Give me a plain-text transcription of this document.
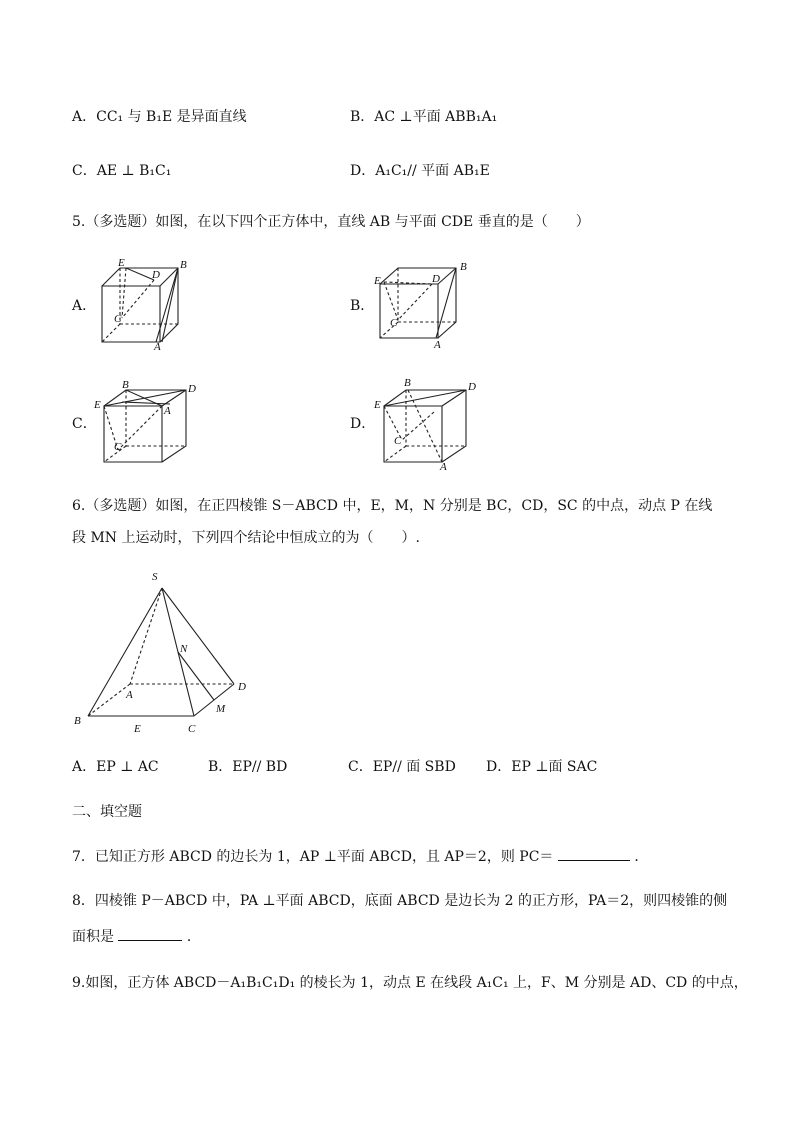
A．CC₁ 与 B₁E 是异面直线	B．AC ⊥平面 ABB₁A₁
C．AE ⊥ B₁C₁	D．A₁C₁// 平面 AB₁E
5.（多选题）如图，在以下四个正方体中，直线 AB 与平面 CDE 垂直的是（　　）
A．
E
D
B
C
A
B．
E	D
B
C
A
C．
B	D
E	A
C
D．
B	D
E
C
A
6.（多选题）如图，在正四棱锥 S－ABCD 中，E，M，N 分别是 BC，CD，SC 的中点，动点 P 在线
段 MN 上运动时，下列四个结论中恒成立的为（　　）.
S
N
A
D
B
E	C
M
A．EP ⊥ AC	B．EP// BD	C．EP// 面 SBD D．EP ⊥面 SAC
二、填空题
7．已知正方形 ABCD 的边长为 1，AP ⊥平面 ABCD，且 AP＝2，则 PC＝	．
8．四棱锥 P－ABCD 中，PA ⊥平面 ABCD，底面 ABCD 是边长为 2 的正方形，PA＝2，则四棱锥的侧
面积是	．
9.如图，正方体 ABCD－A₁B₁C₁D₁ 的棱长为 1，动点 E 在线段 A₁C₁ 上，F、M 分别是 AD、CD 的中点，
